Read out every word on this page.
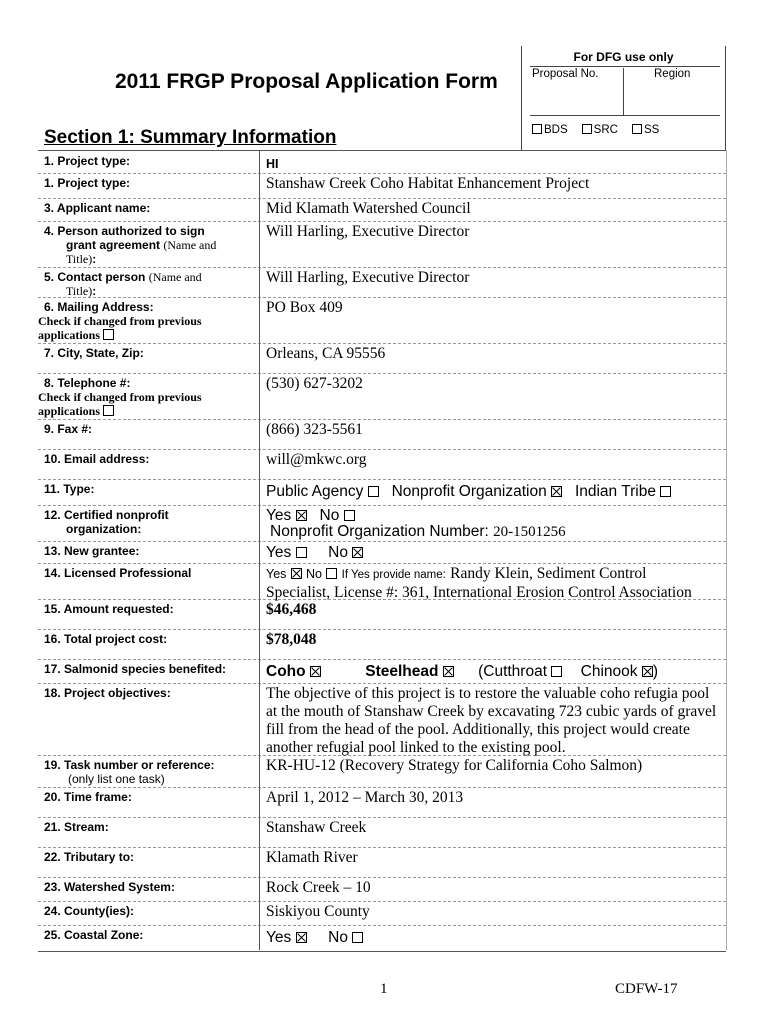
2011 FRGP Proposal Application Form
Section 1: Summary Information
For DFG use only
Proposal No.	Region
BDS	SRC	SS
1. Project type:	HI
1. Project type:	Stanshaw Creek Coho Habitat Enhancement Project
3. Applicant name:	Mid Klamath Watershed Council
4. Person authorized to sign
grant agreement (Name and
Title):
Will Harling, Executive Director
5. Contact person (Name and
Title):
Will Harling, Executive Director
6. Mailing Address:
Check if changed from previous
applications
PO Box 409
7. City, State, Zip:	Orleans, CA 95556
8. Telephone #:
Check if changed from previous
applications
(530) 627-3202
9. Fax #:	(866) 323-5561
10. Email address:	will@mkwc.org
11. Type:	Public Agency Nonprofit Organization Indian Tribe
12. Certified nonprofit
organization:
Yes No
Nonprofit Organization Number: 20-1501256
13. New grantee:	Yes No
14. Licensed Professional	Yes No If Yes provide name: Randy Klein, Sediment Control
Specialist, License #: 361, International Erosion Control Association
15. Amount requested:	$46,468
16. Total project cost:	$78,048
17. Salmonid species benefited:	Coho	Steelhead	(Cutthroat Chinook )
18. Project objectives:	The objective of this project is to restore the valuable coho refugia pool at the mouth of Stanshaw Creek by excavating 723 cubic yards of gravel fill from the head of the pool. Additionally, this project would create another refugial pool linked to the existing pool.
19. Task number or reference:
(only list one task)
KR-HU-12 (Recovery Strategy for California Coho Salmon)
20. Time frame:	April 1, 2012 – March 30, 2013
21. Stream:	Stanshaw Creek
22. Tributary to:	Klamath River
23. Watershed System:	Rock Creek – 10
24. County(ies):	Siskiyou County
25. Coastal Zone:	Yes No
1	CDFW-17
